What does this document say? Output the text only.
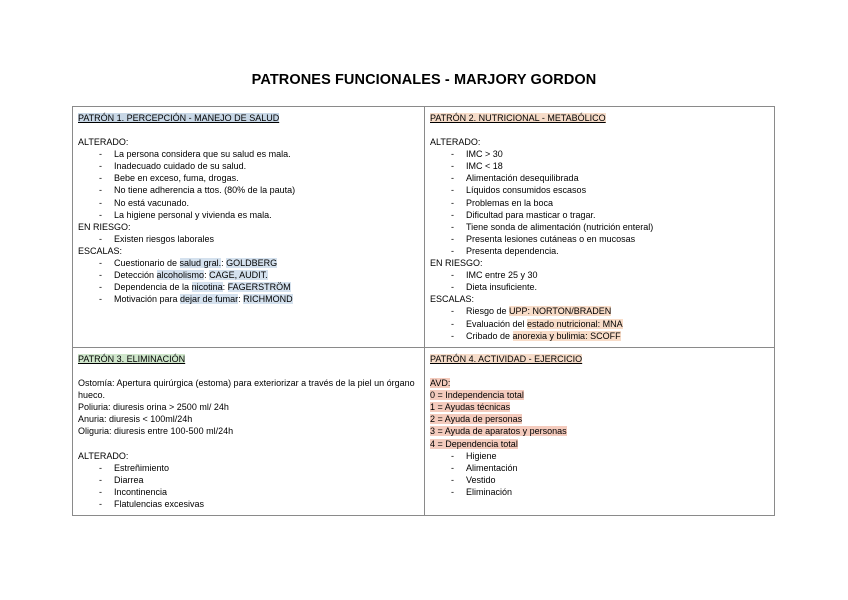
PATRONES FUNCIONALES - MARJORY GORDON
PATRÓN 1. PERCEPCIÓN - MANEJO DE SALUD
ALTERADO:
- La persona considera que su salud es mala.
- Inadecuado cuidado de su salud.
- Bebe en exceso, fuma, drogas.
- No tiene adherencia a ttos. (80% de la pauta)
- No está vacunado.
- La higiene personal y vivienda es mala.
EN RIESGO:
- Existen riesgos laborales
ESCALAS:
- Cuestionario de salud gral.: GOLDBERG
- Detección alcoholismo: CAGE, AUDIT.
- Dependencia de la nicotina: FAGERSTRÖM
- Motivación para dejar de fumar: RICHMOND
PATRÓN 2. NUTRICIONAL - METABÓLICO
ALTERADO:
- IMC > 30
- IMC < 18
- Alimentación desequilibrada
- Líquidos consumidos escasos
- Problemas en la boca
- Dificultad para masticar o tragar.
- Tiene sonda de alimentación (nutrición enteral)
- Presenta lesiones cutáneas o en mucosas
- Presenta dependencia.
EN RIESGO:
- IMC entre 25 y 30
- Dieta insuficiente.
ESCALAS:
- Riesgo de UPP: NORTON/BRADEN
- Evaluación del estado nutricional: MNA
- Cribado de anorexia y bulimia: SCOFF
PATRÓN 3. ELIMINACIÓN
Ostomía: Apertura quirúrgica (estoma) para exteriorizar a través de la piel un órgano hueco.
Poliuria: diuresis orina > 2500 ml/ 24h
Anuria: diuresis < 100ml/24h
Oliguria: diuresis entre 100-500 ml/24h
ALTERADO:
- Estreñimiento
- Diarrea
- Incontinencia
- Flatulencias excesivas
PATRÓN 4. ACTIVIDAD - EJERCICIO
AVD:
0 = Independencia total
1 = Ayudas técnicas
2 = Ayuda de personas
3 = Ayuda de aparatos y personas
4 = Dependencia total
- Higiene
- Alimentación
- Vestido
- Eliminación
